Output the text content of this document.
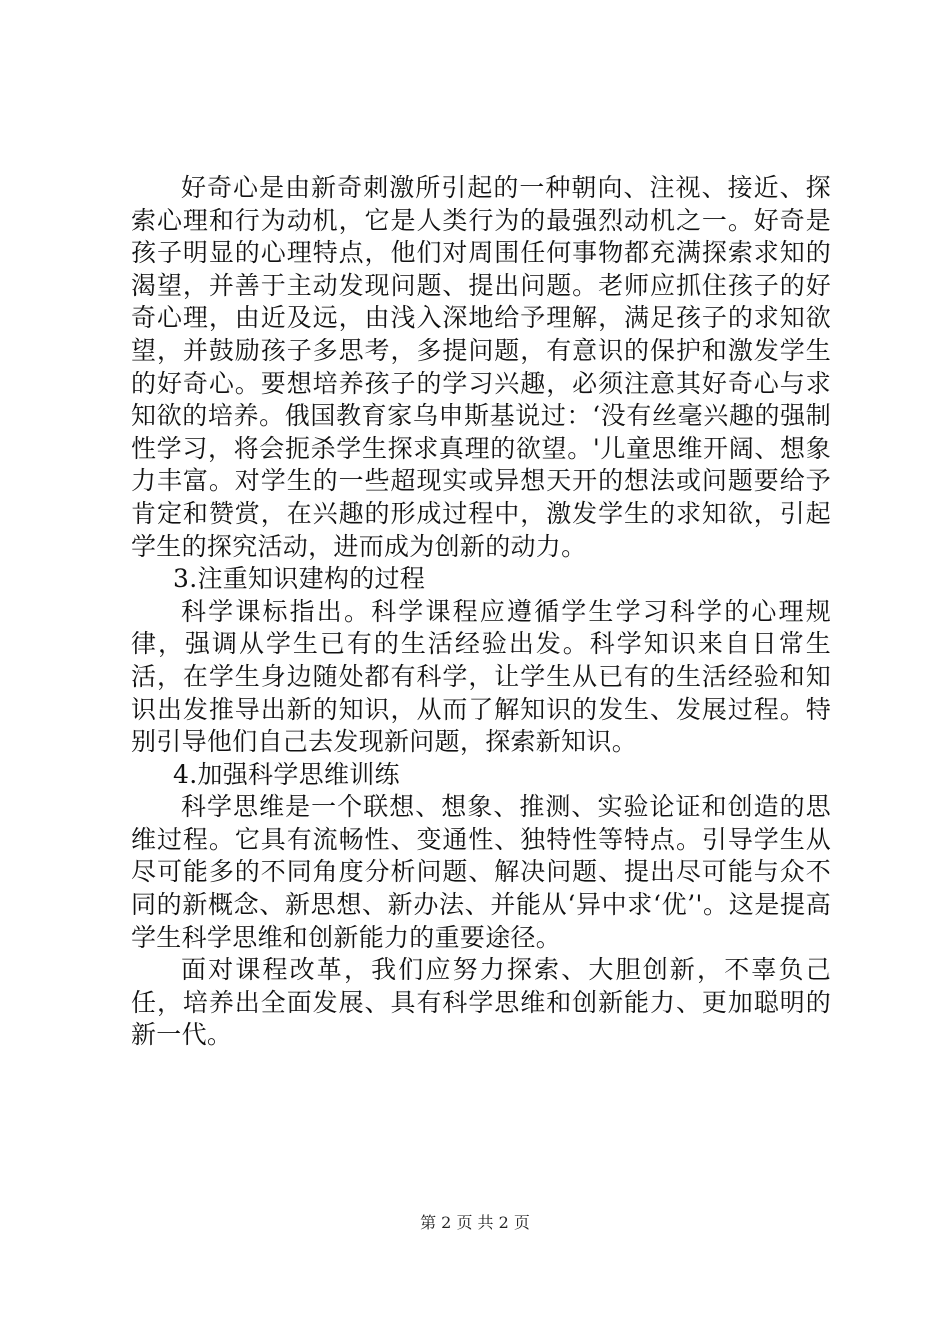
好奇心是由新奇刺激所引起的一种朝向、注视、接近、探索心理和行为动机，它是人类行为的最强烈动机之一。好奇是孩子明显的心理特点，他们对周围任何事物都充满探索求知的渴望，并善于主动发现问题、提出问题。老师应抓住孩子的好奇心理，由近及远，由浅入深地给予理解，满足孩子的求知欲望，并鼓励孩子多思考，多提问题，有意识的保护和激发学生的好奇心。要想培养孩子的学习兴趣，必须注意其好奇心与求知欲的培养。俄国教育家乌申斯基说过：‘没有丝毫兴趣的强制性学习，将会扼杀学生探求真理的欲望。'儿童思维开阔、想象力丰富。对学生的一些超现实或异想天开的想法或问题要给予肯定和赞赏，在兴趣的形成过程中，激发学生的求知欲，引起学生的探究活动，进而成为创新的动力。

3.注重知识建构的过程

科学课标指出。科学课程应遵循学生学习科学的心理规律，强调从学生已有的生活经验出发。科学知识来自日常生活，在学生身边随处都有科学，让学生从已有的生活经验和知识出发推导出新的知识，从而了解知识的发生、发展过程。特别引导他们自己去发现新问题，探索新知识。

4.加强科学思维训练

科学思维是一个联想、想象、推测、实验论证和创造的思维过程。它具有流畅性、变通性、独特性等特点。引导学生从尽可能多的不同角度分析问题、解决问题、提出尽可能与众不同的新概念、新思想、新办法、并能从‘异中求‘优’'。这是提高学生科学思维和创新能力的重要途径。

面对课程改革，我们应努力探索、大胆创新，不辜负己任，培养出全面发展、具有科学思维和创新能力、更加聪明的新一代。

第 2 页 共 2 页
